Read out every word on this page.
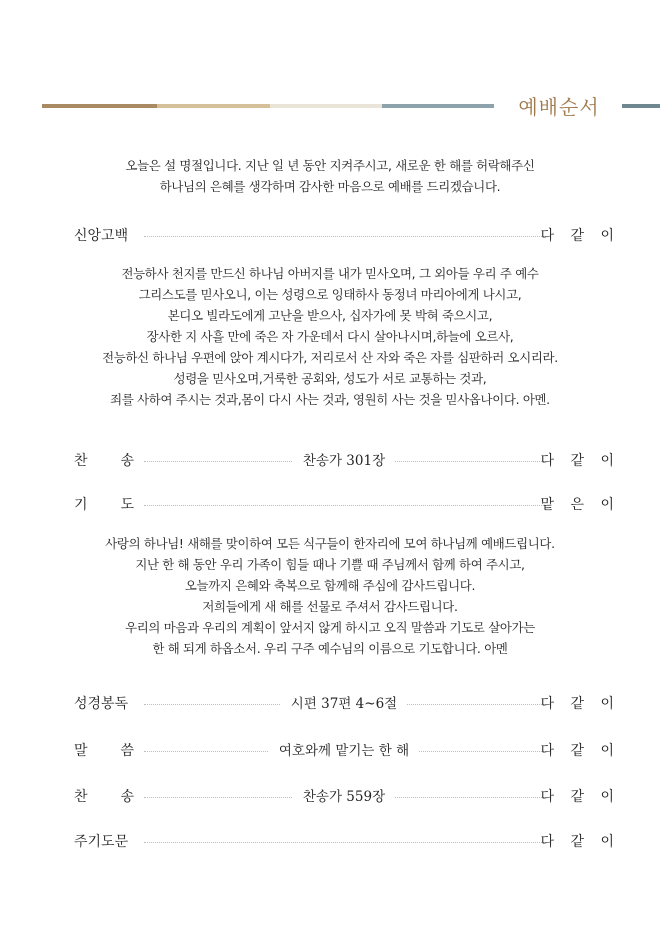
예배순서
오늘은 설 명절입니다. 지난 일 년 동안 지켜주시고, 새로운 한 해를 허락해주신
하나님의 은혜를 생각하며 감사한 마음으로 예배를 드리겠습니다.
신앙고백	다 같 이
전능하사 천지를 만드신 하나님 아버지를 내가 믿사오며, 그 외아들 우리 주 예수
그리스도를 믿사오니, 이는 성령으로 잉태하사 동정녀 마리아에게 나시고,
본디오 빌라도에게 고난을 받으사, 십자가에 못 박혀 죽으시고,
장사한 지 사흘 만에 죽은 자 가운데서 다시 살아나시며,하늘에 오르사,
전능하신 하나님 우편에 앉아 계시다가, 저리로서 산 자와 죽은 자를 심판하러 오시리라.
성령을 믿사오며,거룩한 공회와, 성도가 서로 교통하는 것과,
죄를 사하여 주시는 것과,몸이 다시 사는 것과, 영원히 사는 것을 믿사옵나이다. 아멘.
찬송	찬송가 301장	다 같 이
기도	맡 은 이
사랑의 하나님! 새해를 맞이하여 모든 식구들이 한자리에 모여 하나님께 예배드립니다.
지난 한 해 동안 우리 가족이 힘들 때나 기쁠 때 주님께서 함께 하여 주시고,
오늘까지 은혜와 축복으로 함께해 주심에 감사드립니다.
저희들에게 새 해를 선물로 주셔서 감사드립니다.
우리의 마음과 우리의 계획이 앞서지 않게 하시고 오직 말씀과 기도로 살아가는
한 해 되게 하옵소서. 우리 구주 예수님의 이름으로 기도합니다. 아멘
성경봉독	시편 37편 4~6절	다 같 이
말씀	여호와께 맡기는 한 해	다 같 이
찬송	찬송가 559장	다 같 이
주기도문	다 같 이
